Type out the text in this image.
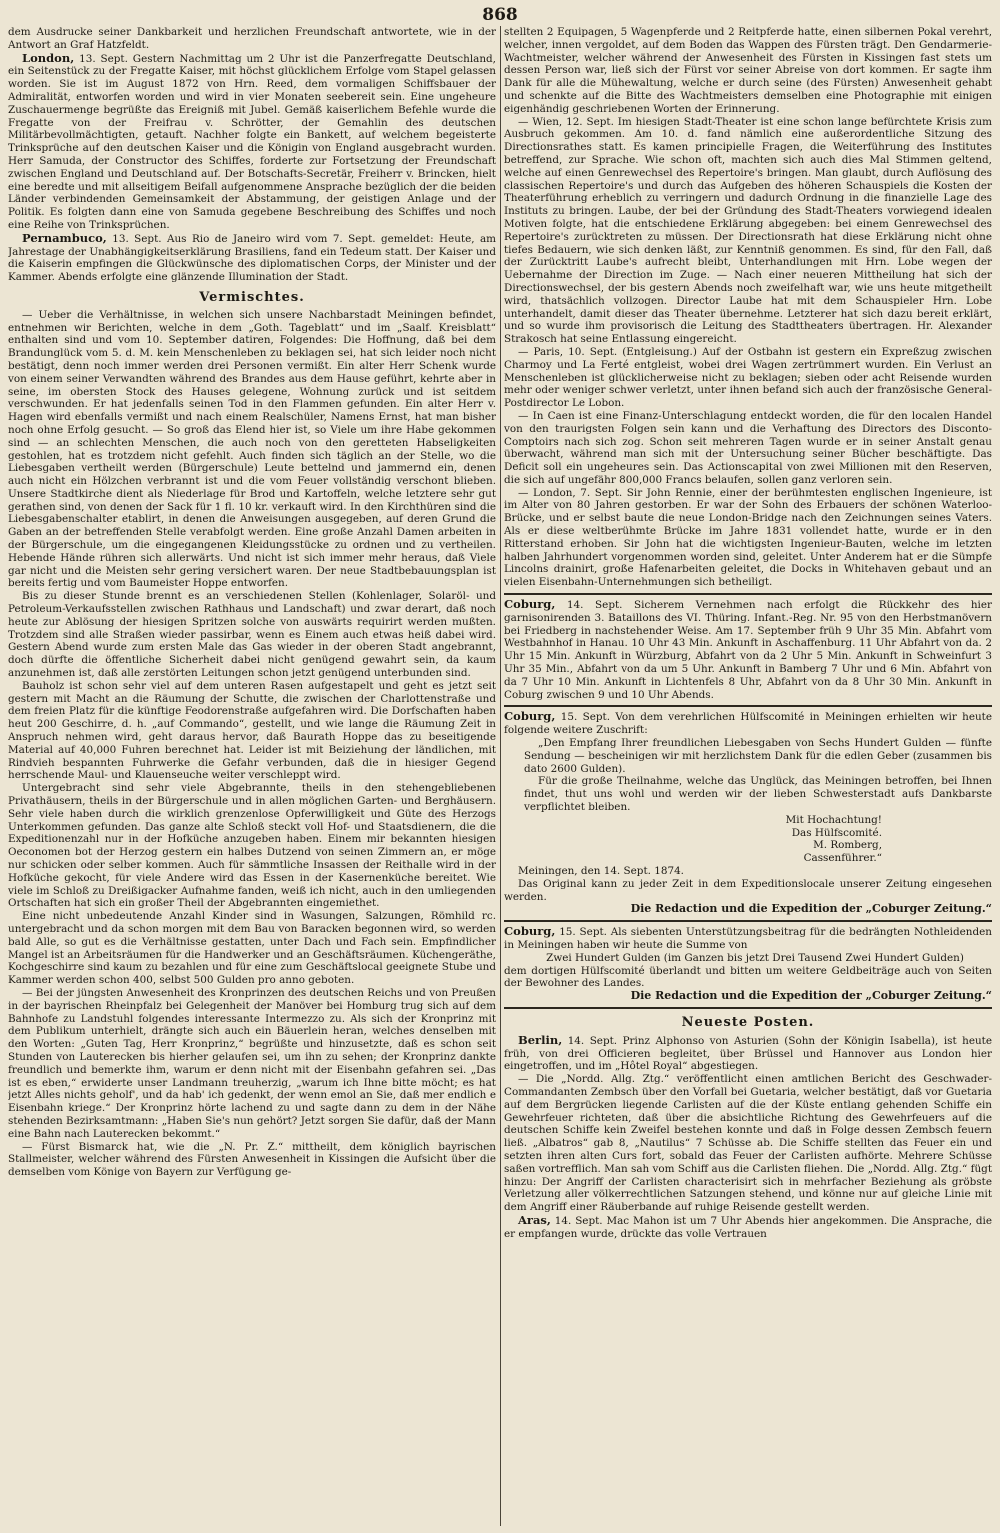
868

dem Ausdrucke seiner Dankbarkeit und herzlichen Freundschaft antwortete, wie in der Antwort an Graf Hatzfeldt.

London, 13. Sept. Gestern Nachmittag um 2 Uhr ist die Panzerfregatte Deutschland, ein Seitenstück zu der Fregatte Kaiser, mit höchst glücklichem Erfolge vom Stapel gelassen worden. Sie ist im August 1872 von Hrn. Reed, dem vormaligen Schiffsbauer der Admiralität, entworfen worden und wird in vier Monaten seebereit sein. Eine ungeheure Zuschauermenge begrüßte das Ereigniß mit Jubel. Gemäß kaiserlichem Befehle wurde die Fregatte von der Freifrau v. Schrötter, der Gemahlin des deutschen Militärbevollmächtigten, getauft. Nachher folgte ein Bankett, auf welchem begeisterte Trinksprüche auf den deutschen Kaiser und die Königin von England ausgebracht wurden. Herr Samuda, der Constructor des Schiffes, forderte zur Fortsetzung der Freundschaft zwischen England und Deutschland auf. Der Botschafts-Secretär, Freiherr v. Brincken, hielt eine beredte und mit allseitigem Beifall aufgenommene Ansprache bezüglich der die beiden Länder verbindenden Gemeinsamkeit der Abstammung, der geistigen Anlage und der Politik. Es folgten dann eine von Samuda gegebene Beschreibung des Schiffes und noch eine Reihe von Trinksprüchen.

Pernambuco, 13. Sept. Aus Rio de Janeiro wird vom 7. Sept. gemeldet: Heute, am Jahrestage der Unabhängigkeitserklärung Brasiliens, fand ein Tedeum statt. Der Kaiser und die Kaiserin empfingen die Glückwünsche des diplomatischen Corps, der Minister und der Kammer. Abends erfolgte eine glänzende Illumination der Stadt.

Vermischtes.

— Ueber die Verhältnisse, in welchen sich unsere Nachbarstadt Meiningen befindet, entnehmen wir Berichten, welche in dem „Goth. Tageblatt“ und im „Saalf. Kreisblatt“ enthalten sind und vom 10. September datiren, Folgendes: Die Hoffnung, daß bei dem Brandunglück vom 5. d. M. kein Menschenleben zu beklagen sei, hat sich leider noch nicht bestätigt, denn noch immer werden drei Personen vermißt. Ein alter Herr Schenk wurde von einem seiner Verwandten während des Brandes aus dem Hause geführt, kehrte aber in seine, im obersten Stock des Hauses gelegene, Wohnung zurück und ist seitdem verschwunden. Er hat jedenfalls seinen Tod in den Flammen gefunden. Ein alter Herr v. Hagen wird ebenfalls vermißt und nach einem Realschüler, Namens Ernst, hat man bisher noch ohne Erfolg gesucht. — So groß das Elend hier ist, so Viele um ihre Habe gekommen sind — an schlechten Menschen, die auch noch von den geretteten Habseligkeiten gestohlen, hat es trotzdem nicht gefehlt. Auch finden sich täglich an der Stelle, wo die Liebesgaben vertheilt werden (Bürgerschule) Leute bettelnd und jammernd ein, denen auch nicht ein Hölzchen verbrannt ist und die vom Feuer vollständig verschont blieben. Unsere Stadtkirche dient als Niederlage für Brod und Kartoffeln, welche letztere sehr gut gerathen sind, von denen der Sack für 1 fl. 10 kr. verkauft wird. In den Kirchthüren sind die Liebesgabenschalter etablirt, in denen die Anweisungen ausgegeben, auf deren Grund die Gaben an der betreffenden Stelle verabfolgt werden. Eine große Anzahl Damen arbeiten in der Bürgerschule, um die eingegangenen Kleidungsstücke zu ordnen und zu vertheilen. Hebende Hände rühren sich allerwärts. Und nicht ist sich immer mehr heraus, daß Viele gar nicht und die Meisten sehr gering versichert waren. Der neue Stadtbebauungsplan ist bereits fertig und vom Baumeister Hoppe entworfen.

Bis zu dieser Stunde brennt es an verschiedenen Stellen (Kohlenlager, Solaröl- und Petroleum-Verkaufsstellen zwischen Rathhaus und Landschaft) und zwar derart, daß noch heute zur Ablösung der hiesigen Spritzen solche von auswärts requirirt werden mußten. Trotzdem sind alle Straßen wieder passirbar, wenn es Einem auch etwas heiß dabei wird. Gestern Abend wurde zum ersten Male das Gas wieder in der oberen Stadt angebrannt, doch dürfte die öffentliche Sicherheit dabei nicht genügend gewahrt sein, da kaum anzunehmen ist, daß alle zerstörten Leitungen schon jetzt genügend unterbunden sind.

Bauholz ist schon sehr viel auf dem unteren Rasen aufgestapelt und geht es jetzt seit gestern mit Macht an die Räumung der Schutte, die zwischen der Charlottenstraße und dem freien Platz für die künftige Feodorenstraße aufgefahren wird. Die Dorfschaften haben heut 200 Geschirre, d. h. „auf Commando“, gestellt, und wie lange die Räumung Zeit in Anspruch nehmen wird, geht daraus hervor, daß Baurath Hoppe das zu beseitigende Material auf 40,000 Fuhren berechnet hat. Leider ist mit Beiziehung der ländlichen, mit Rindvieh bespannten Fuhrwerke die Gefahr verbunden, daß die in hiesiger Gegend herrschende Maul- und Klauenseuche weiter verschleppt wird.

Untergebracht sind sehr viele Abgebrannte, theils in den stehengebliebenen Privathäusern, theils in der Bürgerschule und in allen möglichen Garten- und Berghäusern. Sehr viele haben durch die wirklich grenzenlose Opferwilligkeit und Güte des Herzogs Unterkommen gefunden. Das ganze alte Schloß steckt voll Hof- und Staatsdienern, die die Expeditionenzahl nur in der Hofküche anzugeben haben. Einem mir bekannten hiesigen Oeconomen bot der Herzog gestern ein halbes Dutzend von seinen Zimmern an, er möge nur schicken oder selber kommen. Auch für sämmtliche Insassen der Reithalle wird in der Hofküche gekocht, für viele Andere wird das Essen in der Kasernenküche bereitet. Wie viele im Schloß zu Dreißigacker Aufnahme fanden, weiß ich nicht, auch in den umliegenden Ortschaften hat sich ein großer Theil der Abgebrannten eingemiethet.

Eine nicht unbedeutende Anzahl Kinder sind in Wasungen, Salzungen, Römhild rc. untergebracht und da schon morgen mit dem Bau von Baracken begonnen wird, so werden bald Alle, so gut es die Verhältnisse gestatten, unter Dach und Fach sein. Empfindlicher Mangel ist an Arbeitsräumen für die Handwerker und an Geschäftsräumen. Küchengeräthe, Kochgeschirre sind kaum zu bezahlen und für eine zum Geschäftslocal geeignete Stube und Kammer werden schon 400, selbst 500 Gulden pro anno geboten.

— Bei der jüngsten Anwesenheit des Kronprinzen des deutschen Reichs und von Preußen in der bayrischen Rheinpfalz bei Gelegenheit der Manöver bei Homburg trug sich auf dem Bahnhofe zu Landstuhl folgendes interessante Intermezzo zu. Als sich der Kronprinz mit dem Publikum unterhielt, drängte sich auch ein Bäuerlein heran, welches denselben mit den Worten: „Guten Tag, Herr Kronprinz,“ begrüßte und hinzusetzte, daß es schon seit Stunden von Lauterecken bis hierher gelaufen sei, um ihn zu sehen; der Kronprinz dankte freundlich und bemerkte ihm, warum er denn nicht mit der Eisenbahn gefahren sei. „Das ist es eben,“ erwiderte unser Landmann treuherzig, „warum ich Ihne bitte möcht; es hat jetzt Alles nichts geholf', und da hab' ich gedenkt, der wenn emol an Sie, daß mer endlich e Eisenbahn kriege.“ Der Kronprinz hörte lachend zu und sagte dann zu dem in der Nähe stehenden Bezirksamtmann: „Haben Sie's nun gehört? Jetzt sorgen Sie dafür, daß der Mann eine Bahn nach Lauterecken bekommt.“

— Fürst Bismarck hat, wie die „N. Pr. Z.“ mittheilt, dem königlich bayrischen Stallmeister, welcher während des Fürsten Anwesenheit in Kissingen die Aufsicht über die demselben vom Könige von Bayern zur Verfügung ge-

stellten 2 Equipagen, 5 Wagenpferde und 2 Reitpferde hatte, einen silbernen Pokal verehrt, welcher, innen vergoldet, auf dem Boden das Wappen des Fürsten trägt. Den Gendarmerie-Wachtmeister, welcher während der Anwesenheit des Fürsten in Kissingen fast stets um dessen Person war, ließ sich der Fürst vor seiner Abreise von dort kommen. Er sagte ihm Dank für alle die Mühewaltung, welche er durch seine (des Fürsten) Anwesenheit gehabt und schenkte auf die Bitte des Wachtmeisters demselben eine Photographie mit einigen eigenhändig geschriebenen Worten der Erinnerung.

— Wien, 12. Sept. Im hiesigen Stadt-Theater ist eine schon lange befürchtete Krisis zum Ausbruch gekommen. Am 10. d. fand nämlich eine außerordentliche Sitzung des Directionsrathes statt. Es kamen principielle Fragen, die Weiterführung des Institutes betreffend, zur Sprache. Wie schon oft, machten sich auch dies Mal Stimmen geltend, welche auf einen Genrewechsel des Repertoire's bringen. Man glaubt, durch Auflösung des classischen Repertoire's und durch das Aufgeben des höheren Schauspiels die Kosten der Theaterführung erheblich zu verringern und dadurch Ordnung in die finanzielle Lage des Instituts zu bringen. Laube, der bei der Gründung des Stadt-Theaters vorwiegend idealen Motiven folgte, hat die entschiedene Erklärung abgegeben: bei einem Genrewechsel des Repertoire's zurücktreten zu müssen. Der Directionsrath hat diese Erklärung nicht ohne tiefes Bedauern, wie sich denken läßt, zur Kenntniß genommen. Es sind, für den Fall, daß der Zurücktritt Laube's aufrecht bleibt, Unterhandlungen mit Hrn. Lobe wegen der Uebernahme der Direction im Zuge. — Nach einer neueren Mittheilung hat sich der Directionswechsel, der bis gestern Abends noch zweifelhaft war, wie uns heute mitgetheilt wird, thatsächlich vollzogen. Director Laube hat mit dem Schauspieler Hrn. Lobe unterhandelt, damit dieser das Theater übernehme. Letzterer hat sich dazu bereit erklärt, und so wurde ihm provisorisch die Leitung des Stadttheaters übertragen. Hr. Alexander Strakosch hat seine Entlassung eingereicht.

— Paris, 10. Sept. (Entgleisung.) Auf der Ostbahn ist gestern ein Expreßzug zwischen Charmoy und La Ferté entgleist, wobei drei Wagen zertrümmert wurden. Ein Verlust an Menschenleben ist glücklicherweise nicht zu beklagen; sieben oder acht Reisende wurden mehr oder weniger schwer verletzt, unter ihnen befand sich auch der französische General-Postdirector Le Lobon.

— In Caen ist eine Finanz-Unterschlagung entdeckt worden, die für den localen Handel von den traurigsten Folgen sein kann und die Verhaftung des Directors des Disconto-Comptoirs nach sich zog. Schon seit mehreren Tagen wurde er in seiner Anstalt genau überwacht, während man sich mit der Untersuchung seiner Bücher beschäftigte. Das Deficit soll ein ungeheures sein. Das Actionscapital von zwei Millionen mit den Reserven, die sich auf ungefähr 800,000 Francs belaufen, sollen ganz verloren sein.

— London, 7. Sept. Sir John Rennie, einer der berühmtesten englischen Ingenieure, ist im Alter von 80 Jahren gestorben. Er war der Sohn des Erbauers der schönen Waterloo-Brücke, und er selbst baute die neue London-Bridge nach den Zeichnungen seines Vaters. Als er diese weltberühmte Brücke im Jahre 1831 vollendet hatte, wurde er in den Ritterstand erhoben. Sir John hat die wichtigsten Ingenieur-Bauten, welche im letzten halben Jahrhundert vorgenommen worden sind, geleitet. Unter Anderem hat er die Sümpfe Lincolns drainirt, große Hafenarbeiten geleitet, die Docks in Whitehaven gebaut und an vielen Eisenbahn-Unternehmungen sich betheiligt.

Coburg, 14. Sept. Sicherem Vernehmen nach erfolgt die Rückkehr des hier garnisonirenden 3. Bataillons des VI. Thüring. Infant.-Reg. Nr. 95 von den Herbstmanövern bei Friedberg in nachstehender Weise. Am 17. September früh 9 Uhr 35 Min. Abfahrt vom Westbahnhof in Hanau. 10 Uhr 43 Min. Ankunft in Aschaffenburg. 11 Uhr Abfahrt von da. 2 Uhr 15 Min. Ankunft in Würzburg, Abfahrt von da 2 Uhr 5 Min. Ankunft in Schweinfurt 3 Uhr 35 Min., Abfahrt von da um 5 Uhr. Ankunft in Bamberg 7 Uhr und 6 Min. Abfahrt von da 7 Uhr 10 Min. Ankunft in Lichtenfels 8 Uhr, Abfahrt von da 8 Uhr 30 Min. Ankunft in Coburg zwischen 9 und 10 Uhr Abends.

Coburg, 15. Sept. Von dem verehrlichen Hülfscomité in Meiningen erhielten wir heute folgende weitere Zuschrift:

„Den Empfang Ihrer freundlichen Liebesgaben von Sechs Hundert Gulden — fünfte Sendung — bescheinigen wir mit herzlichstem Dank für die edlen Geber (zusammen bis dato 2600 Gulden).

Für die große Theilnahme, welche das Unglück, das Meiningen betroffen, bei Ihnen findet, thut uns wohl und werden wir der lieben Schwesterstadt aufs Dankbarste verpflichtet bleiben.

Mit Hochachtung!
Das Hülfscomité.
M. Romberg,
Cassenführer.“

Meiningen, den 14. Sept. 1874.

Das Original kann zu jeder Zeit in dem Expeditionslocale unserer Zeitung eingesehen werden.

Die Redaction und die Expedition der „Coburger Zeitung.“

Coburg, 15. Sept. Als siebenten Unterstützungsbeitrag für die bedrängten Nothleidenden in Meiningen haben wir heute die Summe von

Zwei Hundert Gulden (im Ganzen bis jetzt Drei Tausend Zwei Hundert Gulden)

dem dortigen Hülfscomité überlandt und bitten um weitere Geldbeiträge auch von Seiten der Bewohner des Landes.

Die Redaction und die Expedition der „Coburger Zeitung.“
Neueste Posten.

Berlin, 14. Sept. Prinz Alphonso von Asturien (Sohn der Königin Isabella), ist heute früh, von drei Officieren begleitet, über Brüssel und Hannover aus London hier eingetroffen, und im „Hôtel Royal“ abgestiegen.

— Die „Nordd. Allg. Ztg.“ veröffentlicht einen amtlichen Bericht des Geschwader-Commandanten Zembsch über den Vorfall bei Guetaria, welcher bestätigt, daß vor Guetaria auf dem Bergrücken liegende Carlisten auf die der Küste entlang gehenden Schiffe ein Gewehrfeuer richteten, daß über die absichtliche Richtung des Gewehrfeuers auf die deutschen Schiffe kein Zweifel bestehen konnte und daß in Folge dessen Zembsch feuern ließ. „Albatros“ gab 8, „Nautilus“ 7 Schüsse ab. Die Schiffe stellten das Feuer ein und setzten ihren alten Curs fort, sobald das Feuer der Carlisten aufhörte. Mehrere Schüsse saßen vortrefflich. Man sah vom Schiff aus die Carlisten fliehen. Die „Nordd. Allg. Ztg.“ fügt hinzu: Der Angriff der Carlisten characterisirt sich in mehrfacher Beziehung als gröbste Verletzung aller völkerrechtlichen Satzungen stehend, und könne nur auf gleiche Linie mit dem Angriff einer Räuberbande auf ruhige Reisende gestellt werden.

Aras, 14. Sept. Mac Mahon ist um 7 Uhr Abends hier angekommen. Die Ansprache, die er empfangen wurde, drückte das volle Vertrauen
